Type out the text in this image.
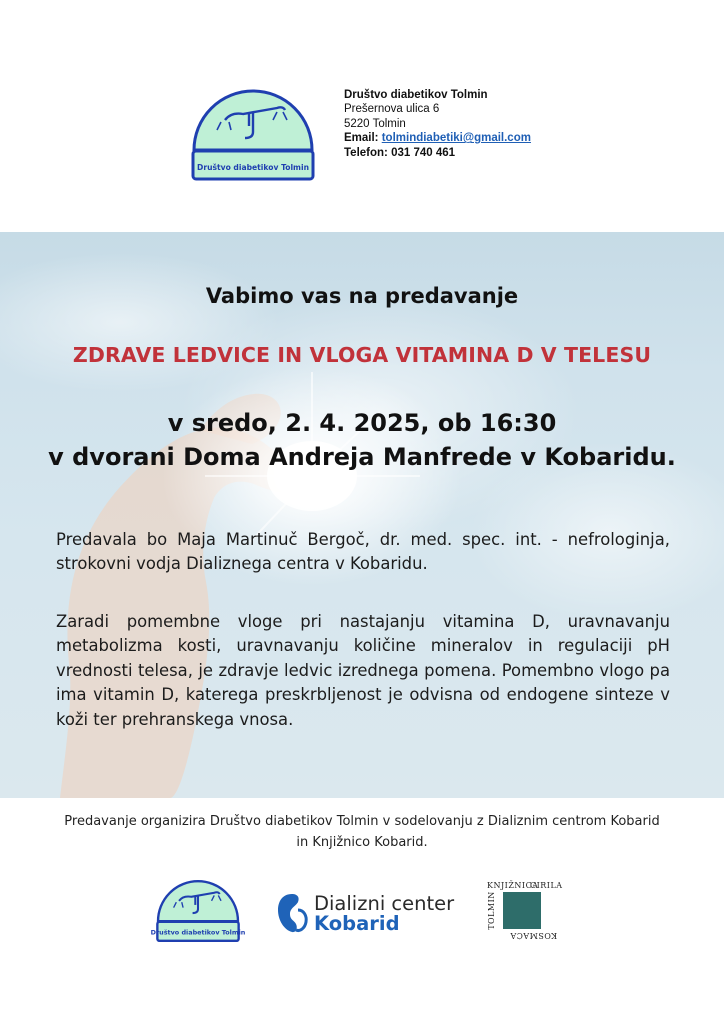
Društvo diabetikov Tolmin
Društvo diabetikov Tolmin
Prešernova ulica 6
5220 Tolmin
Email: tolmindiabetiki@gmail.com
Telefon: 031 740 461
Vabimo vas na predavanje
ZDRAVE LEDVICE IN VLOGA VITAMINA D V TELESU
v sredo, 2. 4. 2025, ob 16:30
v dvorani Doma Andreja Manfrede v Kobaridu.
Predavala bo Maja Martinuč Bergoč, dr. med. spec. int. - nefrologinja, strokovni vodja Dializnega centra v Kobaridu.
Zaradi pomembne vloge pri nastajanju vitamina D, uravnavanju metabolizma kosti, uravnavanju količine mineralov in regulaciji pH vrednosti telesa, je zdravje ledvic izrednega pomena. Pomembno vlogo pa ima vitamin D, katerega preskrbljenost je odvisna od endogene sinteze v koži ter prehranskega vnosa.
Predavanje organizira Društvo diabetikov Tolmin v sodelovanju z Dializnim centrom Kobarid
in Knjižnico Kobarid.
Društvo diabetikov Tolmin
Dializni center
Kobarid
KNJIŽNICA
CIRILA
TOLMIN
KOSMAČA
